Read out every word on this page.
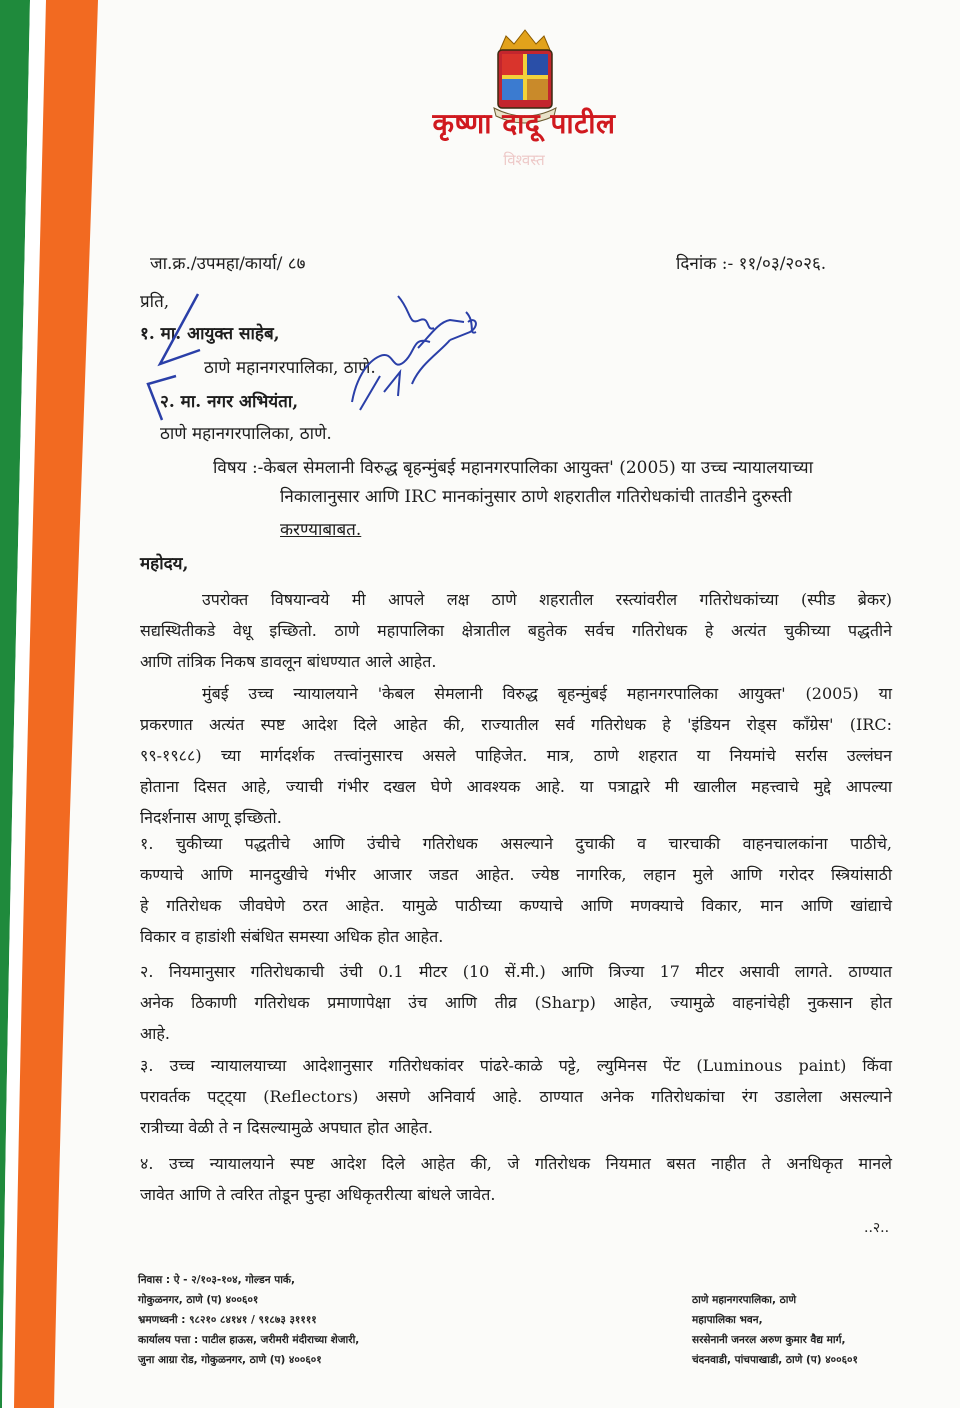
कृष्णा दादू पाटील
विश्वस्त
जा.क्र./उपमहा/कार्या/ ८७	दिनांक :- ११/०३/२०२६.
प्रति,
१. मा. आयुक्त साहेब,
ठाणे महानगरपालिका, ठाणे.
२. मा. नगर अभियंता,
ठाणे महानगरपालिका, ठाणे.
विषय :-केबल सेमलानी विरुद्ध बृहन्मुंबई महानगरपालिका आयुक्त' (2005) या उच्च न्यायालयाच्या
निकालानुसार आणि IRC मानकांनुसार ठाणे शहरातील गतिरोधकांची तातडीने दुरुस्ती
करण्याबाबत.
महोदय,
उपरोक्त विषयान्वये मी आपले लक्ष ठाणे शहरातील रस्त्यांवरील गतिरोधकांच्या (स्पीड ब्रेकर)
सद्यस्थितीकडे वेधू इच्छितो. ठाणे महापालिका क्षेत्रातील बहुतेक सर्वच गतिरोधक हे अत्यंत चुकीच्या पद्धतीने
आणि तांत्रिक निकष डावलून बांधण्यात आले आहेत.
मुंबई उच्च न्यायालयाने 'केबल सेमलानी विरुद्ध बृहन्मुंबई महानगरपालिका आयुक्त' (2005) या
प्रकरणात अत्यंत स्पष्ट आदेश दिले आहेत की, राज्यातील सर्व गतिरोधक हे 'इंडियन रोड्स काँग्रेस' (IRC:
९९-१९८८) च्या मार्गदर्शक तत्त्वांनुसारच असले पाहिजेत. मात्र, ठाणे शहरात या नियमांचे सर्रास उल्लंघन
होताना दिसत आहे, ज्याची गंभीर दखल घेणे आवश्यक आहे. या पत्राद्वारे मी खालील महत्त्वाचे मुद्दे आपल्या
निदर्शनास आणू इच्छितो.
१. चुकीच्या पद्धतीचे आणि उंचीचे गतिरोधक असल्याने दुचाकी व चारचाकी वाहनचालकांना पाठीचे,
कण्याचे आणि मानदुखीचे गंभीर आजार जडत आहेत. ज्येष्ठ नागरिक, लहान मुले आणि गरोदर स्त्रियांसाठी
हे गतिरोधक जीवघेणे ठरत आहेत. यामुळे पाठीच्या कण्याचे आणि मणक्याचे विकार, मान आणि खांद्याचे
विकार व हाडांशी संबंधित समस्या अधिक होत आहेत.
२. नियमानुसार गतिरोधकाची उंची 0.1 मीटर (10 सें.मी.) आणि त्रिज्या 17 मीटर असावी लागते. ठाण्यात
अनेक ठिकाणी गतिरोधक प्रमाणापेक्षा उंच आणि तीव्र (Sharp) आहेत, ज्यामुळे वाहनांचेही नुकसान होत
आहे.
३. उच्च न्यायालयाच्या आदेशानुसार गतिरोधकांवर पांढरे-काळे पट्टे, ल्युमिनस पेंट (Luminous paint) किंवा
परावर्तक पट्ट्या (Reflectors) असणे अनिवार्य आहे. ठाण्यात अनेक गतिरोधकांचा रंग उडालेला असल्याने
रात्रीच्या वेळी ते न दिसल्यामुळे अपघात होत आहेत.
४. उच्च न्यायालयाने स्पष्ट आदेश दिले आहेत की, जे गतिरोधक नियमात बसत नाहीत ते अनधिकृत मानले
जावेत आणि ते त्वरित तोडून पुन्हा अधिकृतरीत्या बांधले जावेत.
..२..
निवास : ऐ - २/१०३-१०४, गोल्डन पार्क,
गोकुळनगर, ठाणे (प) ४००६०१
भ्रमणध्वनी : ९८२१० ८४१४१ / ९१८७३ ३११११
कार्यालय पत्ता : पाटील हाऊस, जरीमरी मंदीराच्या शेजारी,
जुना आग्रा रोड, गोकुळनगर, ठाणे (प) ४००६०१
ठाणे महानगरपालिका, ठाणे
महापालिका भवन,
सरसेनानी जनरल अरुण कुमार वैद्य मार्ग,
चंदनवाडी, पांचपाखाडी, ठाणे (प) ४००६०१
